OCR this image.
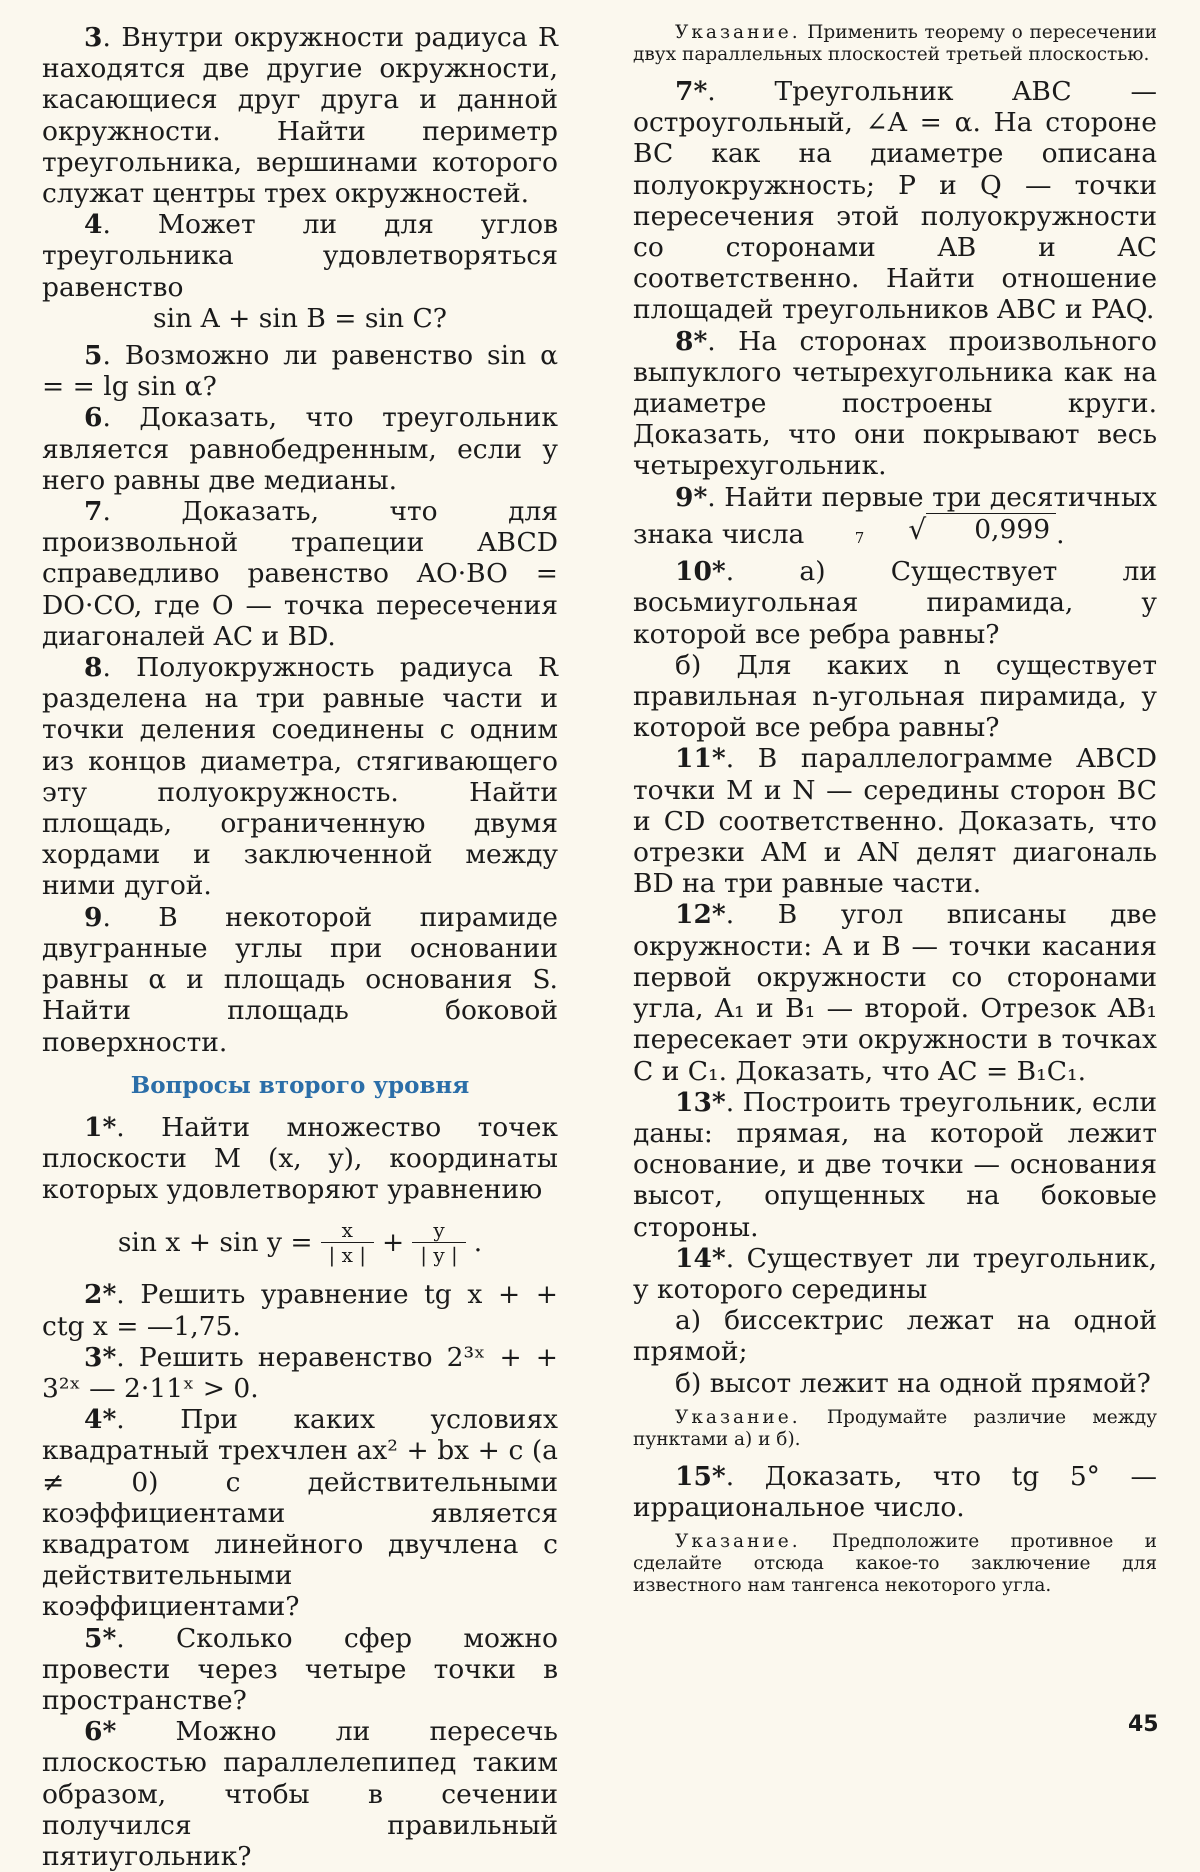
3. Внутри окружности радиуса R находятся две другие окружности, касающиеся друг друга и данной окружности. Найти периметр треугольника, вершинами которого служат центры трех окружностей.

4. Может ли для углов треугольника удовлетворяться равенство

sin A + sin B = sin C?

5. Возможно ли равенство sin α = = lg sin α?

6. Доказать, что треугольник является равнобедренным, если у него равны две медианы.

7. Доказать, что для произвольной трапеции ABCD справедливо равенство AO·BO = DO·CO, где O — точка пересечения диагоналей AC и BD.

8. Полуокружность радиуса R разделена на три равные части и точки деления соединены с одним из концов диаметра, стягивающего эту полуокружность. Найти площадь, ограниченную двумя хордами и заключенной между ними дугой.

9. В некоторой пирамиде двугранные углы при основании равны α и площадь основания S. Найти площадь боковой поверхности.

Вопросы второго уровня

1*. Найти множество точек плоскости M (x, y), координаты которых удовлетворяют уравнению

$\sin x + \sin y = \frac{x}{| x |} + \frac{y}{| y |}$ .

2*. Решить уравнение tg x + + ctg x = —1,75.

3*. Решить неравенство 2³ˣ + + 3²ˣ — 2·11ˣ > 0.

4*. При каких условиях квадратный трехчлен ax² + bx + c (a ≠ 0) с действительными коэффициентами является квадратом линейного двучлена с действительными коэффициентами?

5*. Сколько сфер можно провести через четыре точки в пространстве?

6* Можно ли пересечь плоскостью параллелепипед таким образом, чтобы в сечении получился правильный пятиугольник?

Указание. Применить теорему о пересечении двух параллельных плоскостей третьей плоскостью.

7*. Треугольник ABC — остроугольный, ∠A = α. На стороне BC как на диаметре описана полуокружность; P и Q — точки пересечения этой полуокружности со сторонами AB и AC соответственно. Найти отношение площадей треугольников ABC и PAQ.

8*. На сторонах произвольного выпуклого четырехугольника как на диаметре построены круги. Доказать, что они покрывают весь четырехугольник.

9*. Найти первые три десятичных знака числа	7	√	0,999 .

10*. а) Существует ли восьмиугольная пирамида, у которой все ребра равны?

б) Для каких n существует правильная n-угольная пирамида, у которой все ребра равны?

11*. В параллелограмме ABCD точки M и N — середины сторон BC и CD соответственно. Доказать, что отрезки AM и AN делят диагональ BD на три равные части.

12*. В угол вписаны две окружности: A и B — точки касания первой окружности со сторонами угла, A₁ и B₁ — второй. Отрезок AB₁ пересекает эти окружности в точках C и C₁. Доказать, что AC = B₁C₁.

13*. Построить треугольник, если даны: прямая, на которой лежит основание, и две точки — основания высот, опущенных на боковые стороны.

14*. Существует ли треугольник, у которого середины

а) биссектрис лежат на одной прямой;

б) высот лежит на одной прямой?

Указание. Продумайте различие между пунктами а) и б).

15*. Доказать, что tg 5° — иррациональное число.

Указание. Предположите противное и сделайте отсюда какое-то заключение для известного нам тангенса некоторого угла.

45
